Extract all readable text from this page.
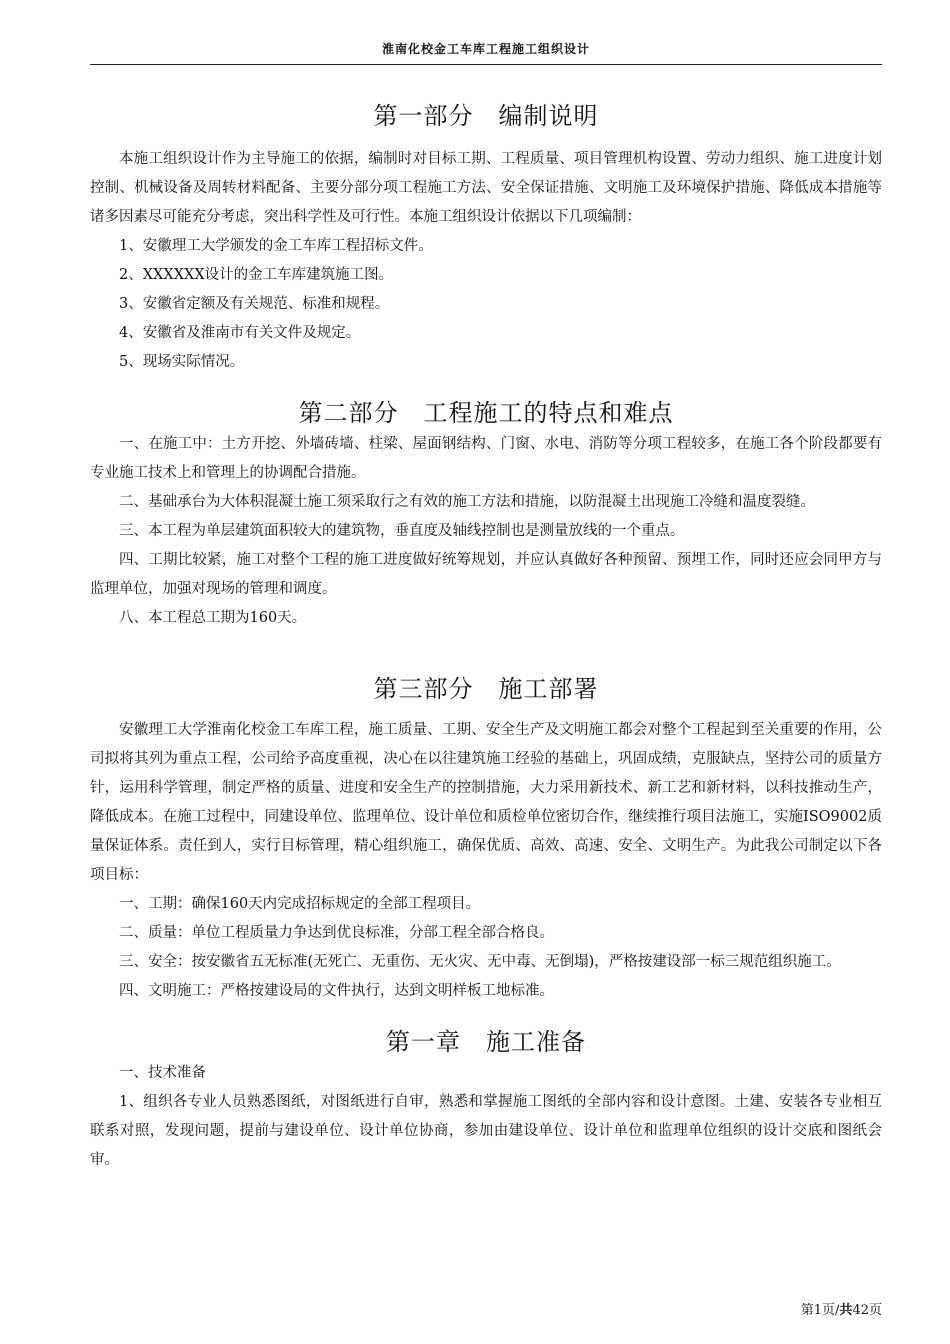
淮南化校金工车库工程施工组织设计
第一部分　编制说明

本施工组织设计作为主导施工的依据，编制时对目标工期、工程质量、项目管理机构设置、劳动力组织、施工进度计划控制、机械设备及周转材料配备、主要分部分项工程施工方法、安全保证措施、文明施工及环境保护措施、降低成本措施等诸多因素尽可能充分考虑，突出科学性及可行性。本施工组织设计依据以下几项编制：

1、安徽理工大学颁发的金工车库工程招标文件。

2、XXXXXX设计的金工车库建筑施工图。

3、安徽省定额及有关规范、标准和规程。

4、安徽省及淮南市有关文件及规定。

5、现场实际情况。

第二部分　工程施工的特点和难点

一、在施工中：土方开挖、外墙砖墙、柱梁、屋面钢结构、门窗、水电、消防等分项工程较多，在施工各个阶段都要有专业施工技术上和管理上的协调配合措施。

二、基础承台为大体积混凝土施工须采取行之有效的施工方法和措施，以防混凝土出现施工冷缝和温度裂缝。

三、本工程为单层建筑面积较大的建筑物，垂直度及轴线控制也是测量放线的一个重点。

四、工期比较紧，施工对整个工程的施工进度做好统筹规划，并应认真做好各种预留、预埋工作，同时还应会同甲方与监理单位，加强对现场的管理和调度。

八、本工程总工期为160天。

第三部分　施工部署

安徽理工大学淮南化校金工车库工程，施工质量、工期、安全生产及文明施工都会对整个工程起到至关重要的作用，公司拟将其列为重点工程，公司给予高度重视，决心在以往建筑施工经验的基础上，巩固成绩，克服缺点，坚持公司的质量方针，运用科学管理，制定严格的质量、进度和安全生产的控制措施，大力采用新技术、新工艺和新材料，以科技推动生产，降低成本。在施工过程中，同建设单位、监理单位、设计单位和质检单位密切合作，继续推行项目法施工，实施ISO9002质量保证体系。责任到人，实行目标管理，精心组织施工，确保优质、高效、高速、安全、文明生产。为此我公司制定以下各项目标：

一、工期：确保160天内完成招标规定的全部工程项目。

二、质量：单位工程质量力争达到优良标准，分部工程全部合格良。

三、安全：按安徽省五无标准(无死亡、无重伤、无火灾、无中毒、无倒塌)，严格按建设部一标三规范组织施工。

四、文明施工：严格按建设局的文件执行，达到文明样板工地标准。

第一章　施工准备

一、技术准备

1、组织各专业人员熟悉图纸，对图纸进行自审，熟悉和掌握施工图纸的全部内容和设计意图。土建、安装各专业相互联系对照，发现问题，提前与建设单位、设计单位协商，参加由建设单位、设计单位和监理单位组织的设计交底和图纸会审。

第1页/共42页
